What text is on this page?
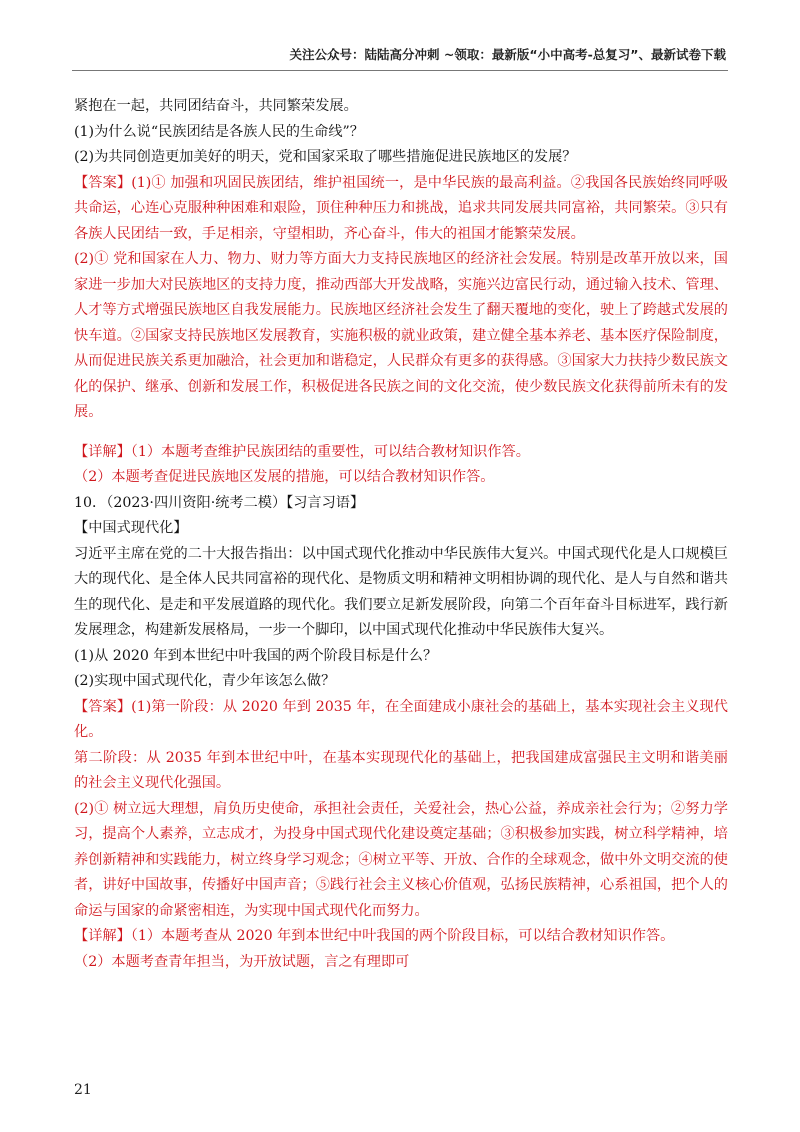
关注公众号：陆陆高分冲刺 ~领取：最新版“小中高考-总复习”、最新试卷下载

紧抱在一起，共同团结奋斗，共同繁荣发展。

(1)为什么说“民族团结是各族人民的生命线”？

(2)为共同创造更加美好的明天，党和国家采取了哪些措施促进民族地区的发展？

【答案】(1)① 加强和巩固民族团结，维护祖国统一，是中华民族的最高利益。②我国各民族始终同呼吸共命运，心连心克服种种困难和艰险，顶住种种压力和挑战，追求共同发展共同富裕，共同繁荣。③只有各族人民团结一致，手足相亲，守望相助，齐心奋斗，伟大的祖国才能繁荣发展。

(2)① 党和国家在人力、物力、财力等方面大力支持民族地区的经济社会发展。特别是改革开放以来，国家进一步加大对民族地区的支持力度，推动西部大开发战略，实施兴边富民行动，通过输入技术、管理、人才等方式增强民族地区自我发展能力。民族地区经济社会发生了翻天覆地的变化，驶上了跨越式发展的快车道。②国家支持民族地区发展教育，实施积极的就业政策，建立健全基本养老、基本医疗保险制度，从而促进民族关系更加融洽，社会更加和谐稳定，人民群众有更多的获得感。③国家大力扶持少数民族文化的保护、继承、创新和发展工作，积极促进各民族之间的文化交流，使少数民族文化获得前所未有的发展。

【详解】（1）本题考查维护民族团结的重要性，可以结合教材知识作答。

（2）本题考查促进民族地区发展的措施，可以结合教材知识作答。

10．（2023·四川资阳·统考二模）【习言习语】

【中国式现代化】

习近平主席在党的二十大报告指出：以中国式现代化推动中华民族伟大复兴。中国式现代化是人口规模巨大的现代化、是全体人民共同富裕的现代化、是物质文明和精神文明相协调的现代化、是人与自然和谐共生的现代化、是走和平发展道路的现代化。我们要立足新发展阶段，向第二个百年奋斗目标进军，践行新发展理念，构建新发展格局，一步一个脚印，以中国式现代化推动中华民族伟大复兴。

(1)从 2020 年到本世纪中叶我国的两个阶段目标是什么？

(2)实现中国式现代化，青少年该怎么做？

【答案】(1)第一阶段：从 2020 年到 2035 年，在全面建成小康社会的基础上，基本实现社会主义现代化。

第二阶段：从 2035 年到本世纪中叶，在基本实现现代化的基础上，把我国建成富强民主文明和谐美丽的社会主义现代化强国。

(2)① 树立远大理想，肩负历史使命，承担社会责任，关爱社会，热心公益，养成亲社会行为；②努力学习，提高个人素养，立志成才，为投身中国式现代化建设奠定基础；③积极参加实践，树立科学精神，培养创新精神和实践能力，树立终身学习观念；④树立平等、开放、合作的全球观念，做中外文明交流的使者，讲好中国故事，传播好中国声音；⑤践行社会主义核心价值观，弘扬民族精神，心系祖国，把个人的命运与国家的命紧密相连，为实现中国式现代化而努力。

【详解】（1）本题考查从 2020 年到本世纪中叶我国的两个阶段目标，可以结合教材知识作答。

（2）本题考查青年担当，为开放试题，言之有理即可

21
